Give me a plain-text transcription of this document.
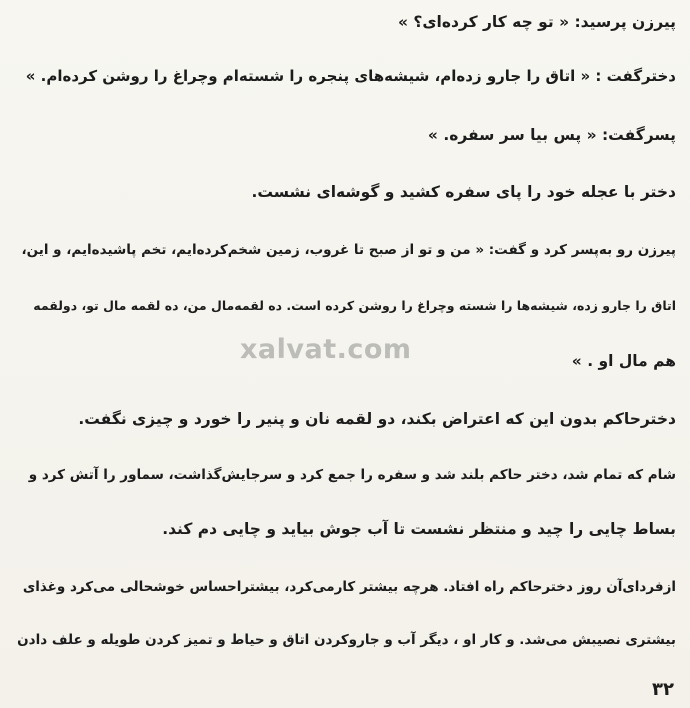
پیرزن پرسید: « تو چه کار کرده‌ای؟ »
دخترگفت : « اتاق را جارو زده‌ام، شیشه‌های پنجره را شسته‌ام وچراغ را روشن کرده‌ام. »
پسرگفت: « پس بیا سر سفره. »
دختر با عجله خود را پای سفره کشید و گوشه‌ای نشست.
پیرزن رو به‌پسر کرد و گفت: « من و تو از صبح تا غروب، زمین شخم‌کرده‌ایم، تخم پاشیده‌ایم، و این،
اتاق را جارو زده، شیشه‌ها را شسته وچراغ را روشن کرده است. ده لقمه‌مال من، ده لقمه مال تو، دولقمه
هم مال او . »
دخترحاکم بدون این که اعتراض بکند، دو لقمه نان و پنیر را خورد و چیزی نگفت.
شام که تمام شد، دختر حاکم بلند شد و سفره را جمع کرد و سرجایش‌گذاشت، سماور را آتش کرد و
بساط چایی را چید و منتظر نشست تا آب جوش بیاید و چایی دم کند.
ازفردای‌آن روز دخترحاکم راه افتاد. هرچه بیشتر کارمی‌کرد، بیشتراحساس خوشحالی می‌کرد وغذای
بیشتری نصیبش می‌شد. و کار او ، دیگر آب و جاروکردن اتاق و حیاط و تمیز کردن طویله و علف دادن
xalvat.com
۳۲
